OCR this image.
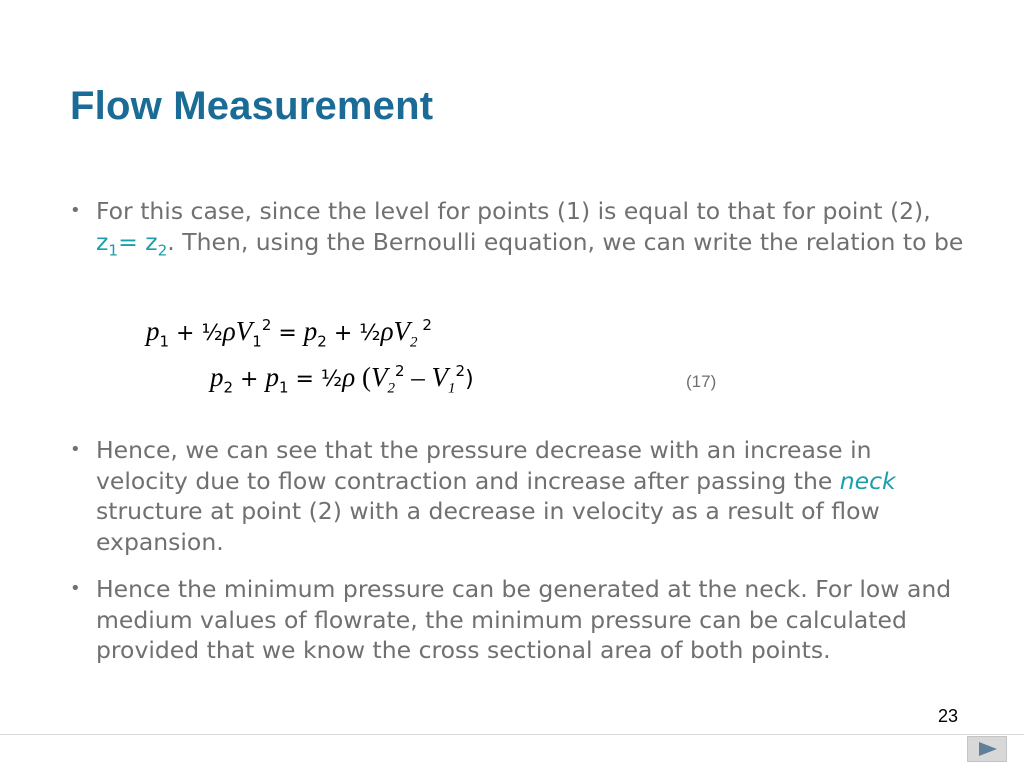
Flow Measurement
• For this case, since the level for points (1) is equal to that for point (2), $z_1= z_2$. Then, using the Bernoulli equation, we can write the relation to be
$p_1$ + $\frac{1}{2}\rho V_1^2 = p_2$ + $\frac{1}{2}\rho V_2$ $^2$
$p_2 + p_1$ = ½ρ $(V_2^2 - V_1^2)$	(17)
• Hence, we can see that the pressure decrease with an increase in velocity due to flow contraction and increase after passing the neck structure at point (2) with a decrease in velocity as a result of flow expansion.
• Hence the minimum pressure can be generated at the neck. For low and medium values of flowrate, the minimum pressure can be calculated provided that we know the cross sectional area of both points.
23
